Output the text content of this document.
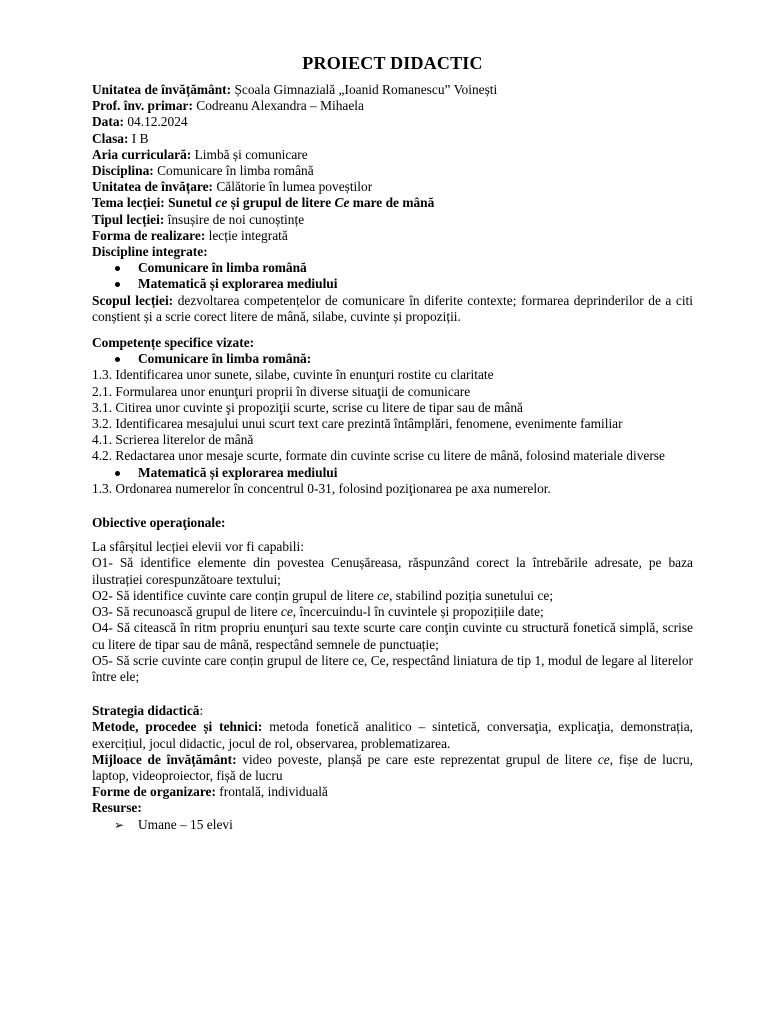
PROIECT DIDACTIC

Unitatea de învățământ: Școala Gimnazială „Ioanid Romanescu” Voinești

Prof. înv. primar: Codreanu Alexandra – Mihaela

Data: 04.12.2024

Clasa: I B

Aria curriculară: Limbă și comunicare

Disciplina: Comunicare în limba română

Unitatea de învățare: Călătorie în lumea poveștilor

Tema lecției: Sunetul ce și grupul de litere Ce mare de mână

Tipul lecției: însușire de noi cunoștințe

Forma de realizare: lecție integrată

Discipline integrate:

Comunicare în limba română
Matematică și explorarea mediului

Scopul lecției: dezvoltarea competențelor de comunicare în diferite contexte; formarea deprinderilor de a citi conștient și a scrie corect litere de mână, silabe, cuvinte și propoziții.

Competențe specifice vizate:

Comunicare în limba română:

1.3. Identificarea unor sunete, silabe, cuvinte în enunţuri rostite cu claritate

2.1. Formularea unor enunţuri proprii în diverse situaţii de comunicare

3.1. Citirea unor cuvinte şi propoziţii scurte, scrise cu litere de tipar sau de mână

3.2. Identificarea mesajului unui scurt text care prezintă întâmplări, fenomene, evenimente familiar

4.1. Scrierea literelor de mână

4.2. Redactarea unor mesaje scurte, formate din cuvinte scrise cu litere de mână, folosind materiale diverse

Matematică și explorarea mediului

1.3. Ordonarea numerelor în concentrul 0-31, folosind poziţionarea pe axa numerelor.

Obiective operaţionale:

La sfârșitul lecției elevii vor fi capabili:

O1- Să identifice elemente din povestea Cenușăreasa, răspunzând corect la întrebările adresate, pe baza ilustrației corespunzătoare textului;

O2- Să identifice cuvinte care conțin grupul de litere ce, stabilind poziția sunetului ce;

O3- Să recunoască grupul de litere ce, încercuindu-l în cuvintele și propozițiile date;

O4- Să citească în ritm propriu enunţuri sau texte scurte care conţin cuvinte cu structură fonetică simplă, scrise cu litere de tipar sau de mână, respectând semnele de punctuație;

O5- Să scrie cuvinte care conțin grupul de litere ce, Ce, respectând liniatura de tip 1, modul de legare al literelor între ele;

Strategia didactică:

Metode, procedee și tehnici: metoda fonetică analitico – sintetică, conversaţia, explicaţia, demonstrația, exercițiul, jocul didactic, jocul de rol, observarea, problematizarea.

Mijloace de învățământ: video poveste, planșă pe care este reprezentat grupul de litere ce, fișe de lucru, laptop, videoproiector, fișă de lucru

Forme de organizare: frontală, individuală

Resurse:

➢ Umane – 15 elevi
